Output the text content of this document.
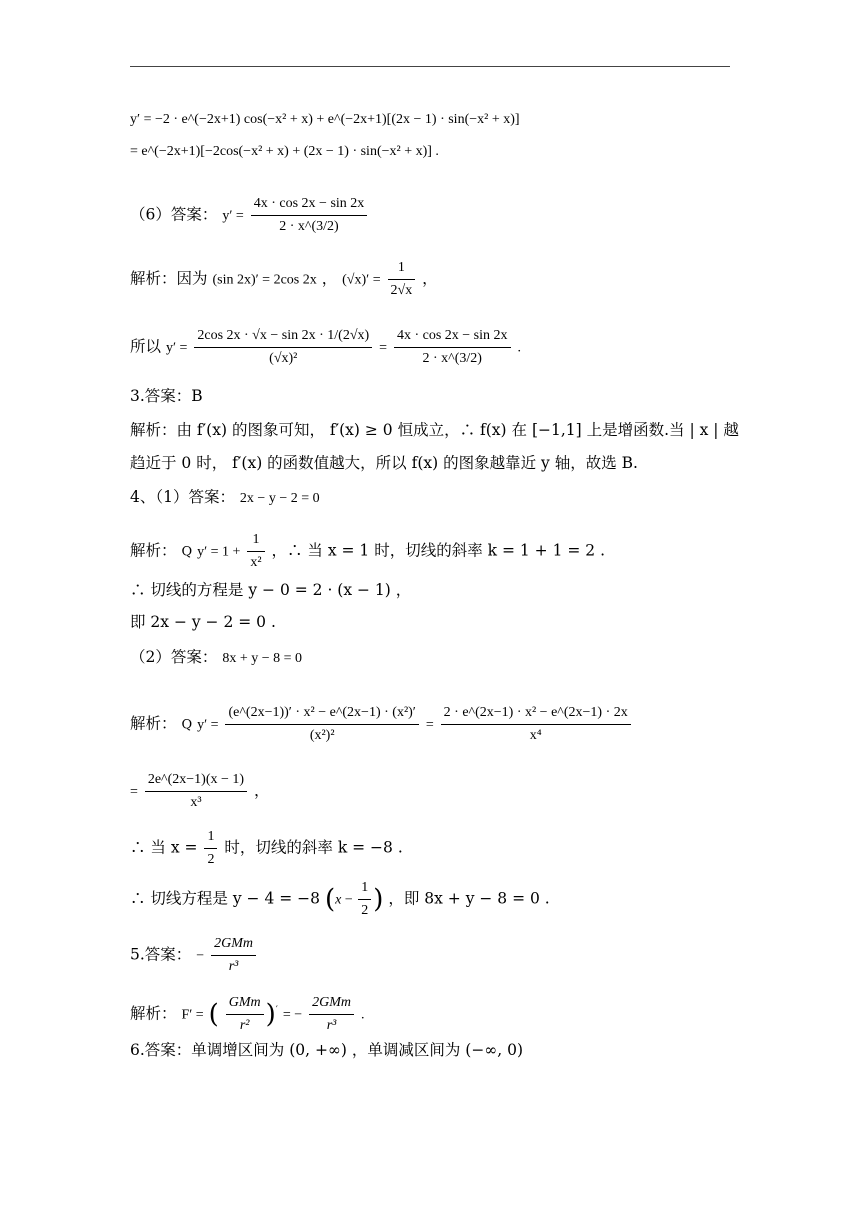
y′ = −2 · e^(−2x+1) cos(−x² + x) + e^(−2x+1)[(2x − 1) · sin(−x² + x)]
= e^(−2x+1)[−2cos(−x² + x) + (2x − 1) · sin(−x² + x)] .
（6）答案： $y' = \frac{4x \cdot \cos 2x - \sin 2x}{2 \cdot x\^{}(3/2)}$
解析：因为 (sin 2x)′ = 2cos 2x ， $(√x)' = \frac{1}{2√x}$ ，
所以 $y' = \frac{2\cos 2x \cdot √x - \sin 2x \cdot 1/(2√x)}{\text{(√x)²}} = \frac{4x \cdot \cos 2x - \sin 2x}{2 \cdot x\^{}(3/2)}$ .
3.答案：B
解析：由 f′(x) 的图象可知， f′(x) ≥ 0 恒成立，∴ f(x) 在 [−1,1] 上是增函数.当 | x | 越
趋近于 0 时， f′(x) 的函数值越大，所以 f(x) 的图象越靠近 y 轴，故选 B.
4、（1）答案： 2x − y − 2 = 0
解析： Q $y' = 1 + \frac{1}{\text{x²}}$ ，∴ 当 x = 1 时，切线的斜率 k = 1 + 1 = 2 .
∴ 切线的方程是 y − 0 = 2 · (x − 1) ，
即 2x − y − 2 = 0 .
（2）答案： 8x + y − 8 = 0
解析： Q $y' = \frac{\text{(e\textasciicircum{}(2x−1))′ · x² − e\textasciicircum{}(2x−1) · (x²)′}}{\text{(x²)²}} = \frac{\text{2 · e\textasciicircum{}(2x−1) · x² − e\textasciicircum{}(2x−1) · 2x}}{\text{x⁴}}$
= $\frac{2e\^{}(2x-1)(x - 1)}{\text{x³}}$ ，
∴ 当 $x = \frac{1}{2}$ 时，切线的斜率 k = −8 .
∴ 切线方程是 y − 4 = −8 ($x - \frac{1}{2}$ ) ，即 8x + y − 8 = 0 .
5.答案： − $\frac{\text{2GMm}}{\text{r³}}$
解析： F′ = ( $\frac{\text{GMm}}{\text{r²}} )'$ = − $\frac{\text{2GMm}}{\text{r³}}$ .
6.答案：单调增区间为 (0, +∞) ，单调减区间为 (−∞, 0)
